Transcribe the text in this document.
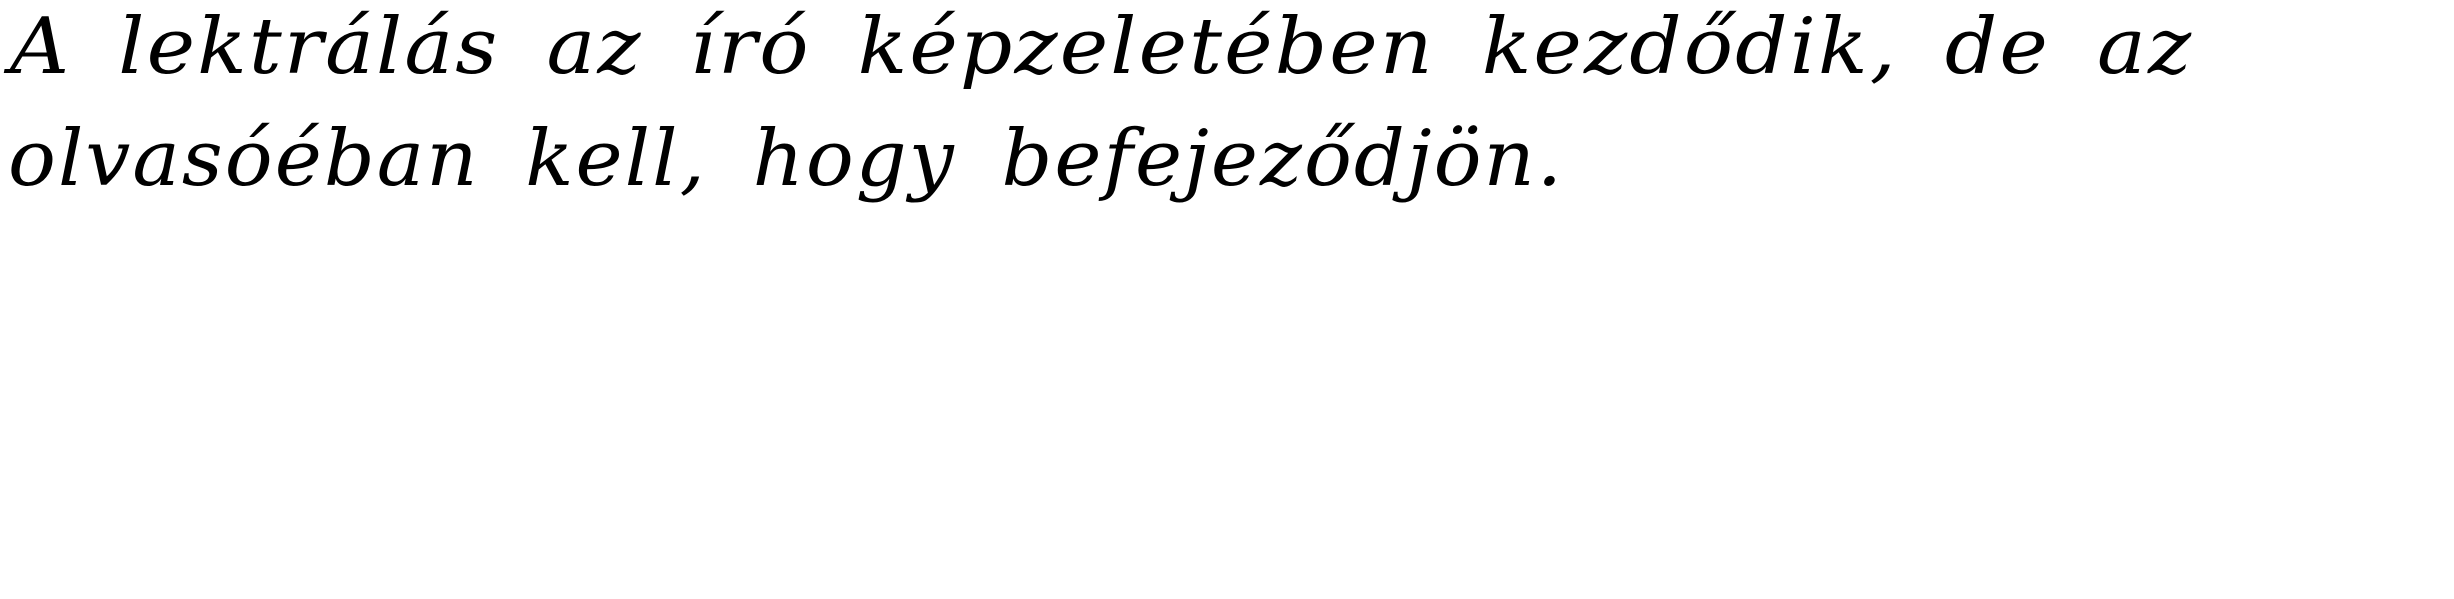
A lektrálás az író képzeletében kezdődik, de az
olvasóéban kell, hogy befejeződjön.
